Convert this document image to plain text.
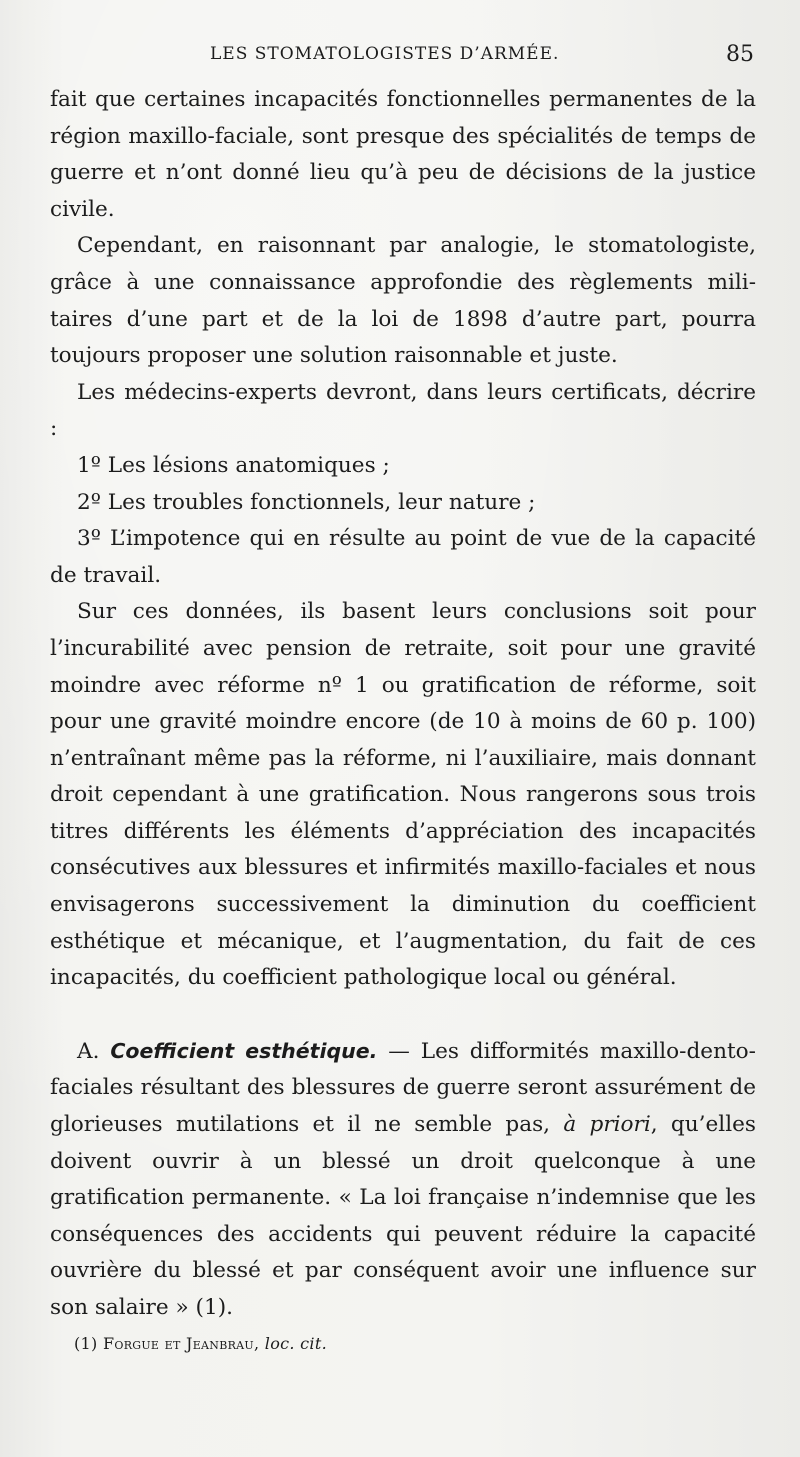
LES STOMATOLOGISTES D’ARMÉE.	85

fait que certaines incapacités fonctionnelles permanentes de la région maxillo-faciale, sont presque des spécialités de temps de guerre et n’ont donné lieu qu’à peu de décisions de la justice civile.

Cependant, en raisonnant par analogie, le stomatologiste, grâce à une connaissance approfondie des règlements militaires d’une part et de la loi de 1898 d’autre part, pourra toujours proposer une solution raisonnable et juste.

Les médecins-experts devront, dans leurs certificats, décrire :

1º Les lésions anatomiques ;

2º Les troubles fonctionnels, leur nature ;

3º L’impotence qui en résulte au point de vue de la capacité de travail.

Sur ces données, ils basent leurs conclusions soit pour l’incurabilité avec pension de retraite, soit pour une gravité moindre avec réforme nº 1 ou gratification de réforme, soit pour une gravité moindre encore (de 10 à moins de 60 p. 100) n’entraînant même pas la réforme, ni l’auxiliaire, mais donnant droit cependant à une gratification. Nous rangerons sous trois titres différents les éléments d’appréciation des incapacités consécutives aux blessures et infirmités maxillo-faciales et nous envisagerons successivement la diminution du coefficient esthétique et mécanique, et l’augmentation, du fait de ces incapacités, du coefficient pathologique local ou général.

A. Coefficient esthétique. — Les difformités maxillo-dento-faciales résultant des blessures de guerre seront assurément de glorieuses mutilations et il ne semble pas, à priori, qu’elles doivent ouvrir à un blessé un droit quelconque à une gratification permanente. « La loi française n’indemnise que les conséquences des accidents qui peuvent réduire la capacité ouvrière du blessé et par conséquent avoir une influence sur son salaire » (1).

(1) Forgue et Jeanbrau, loc. cit.
